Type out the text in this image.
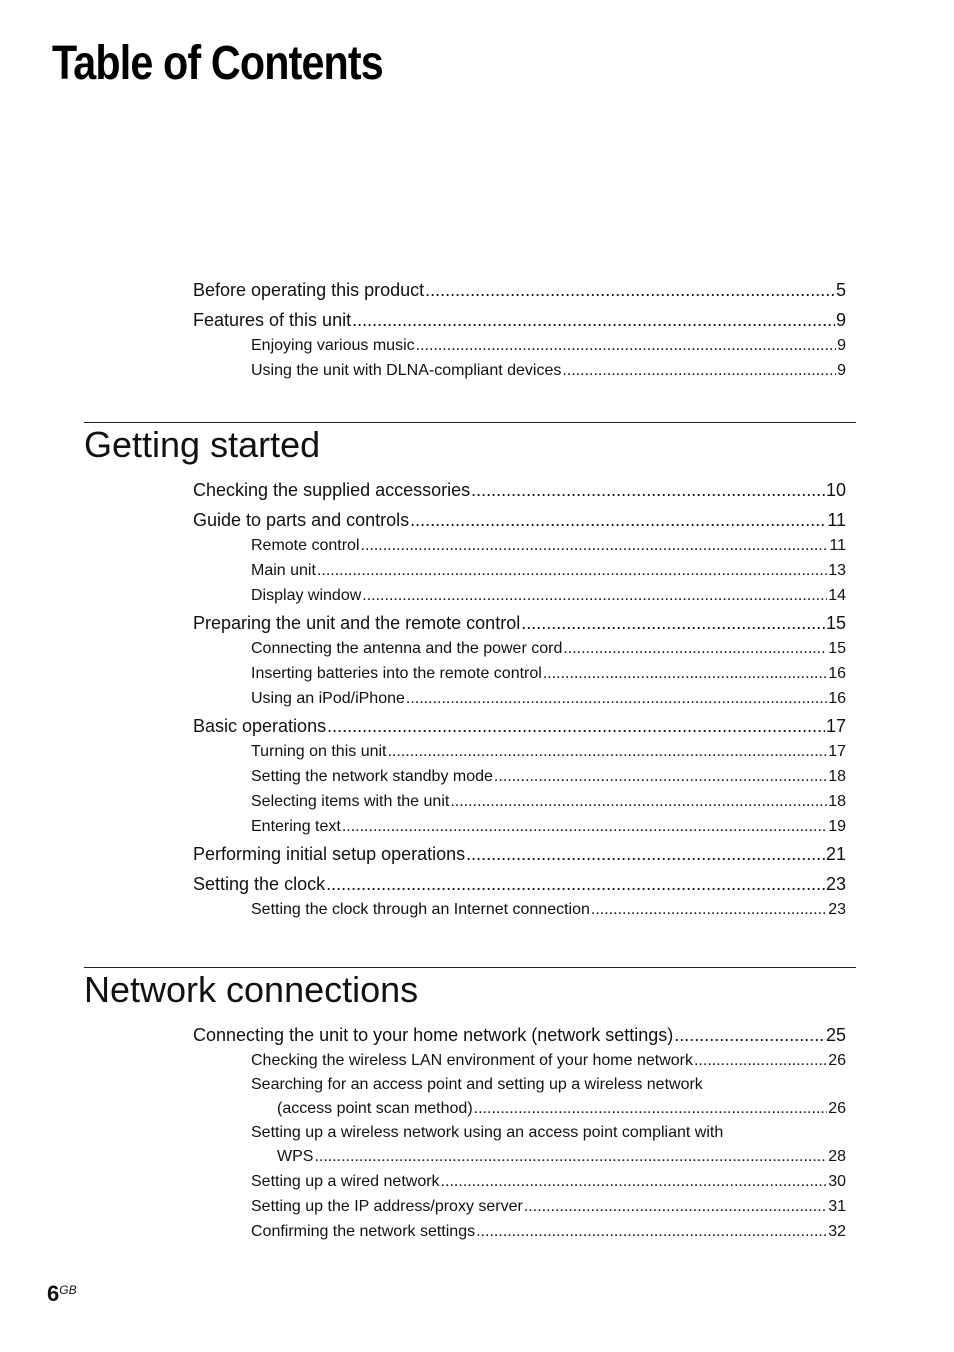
Table of Contents
Before operating this product .....	5
Features of this unit .....	9
Enjoying various music .....	9
Using the unit with DLNA-compliant devices .....	9
Getting started
Checking the supplied accessories .....	10
Guide to parts and controls .....	11
Remote control .....	11
Main unit .....	13
Display window .....	14
Preparing the unit and the remote control .....	15
Connecting the antenna and the power cord .....	15
Inserting batteries into the remote control .....	16
Using an iPod/iPhone .....	16
Basic operations .....	17
Turning on this unit .....	17
Setting the network standby mode .....	18
Selecting items with the unit .....	18
Entering text .....	19
Performing initial setup operations .....	21
Setting the clock .....	23
Setting the clock through an Internet connection .....	23
Network connections
Connecting the unit to your home network (network settings) .....	25
Checking the wireless LAN environment of your home network .....	26
Searching for an access point and setting up a wireless network
(access point scan method) .....	26
Setting up a wireless network using an access point compliant with
WPS .....	28
Setting up a wired network .....	30
Setting up the IP address/proxy server .....	31
Confirming the network settings .....	32
$6^{GB}$
